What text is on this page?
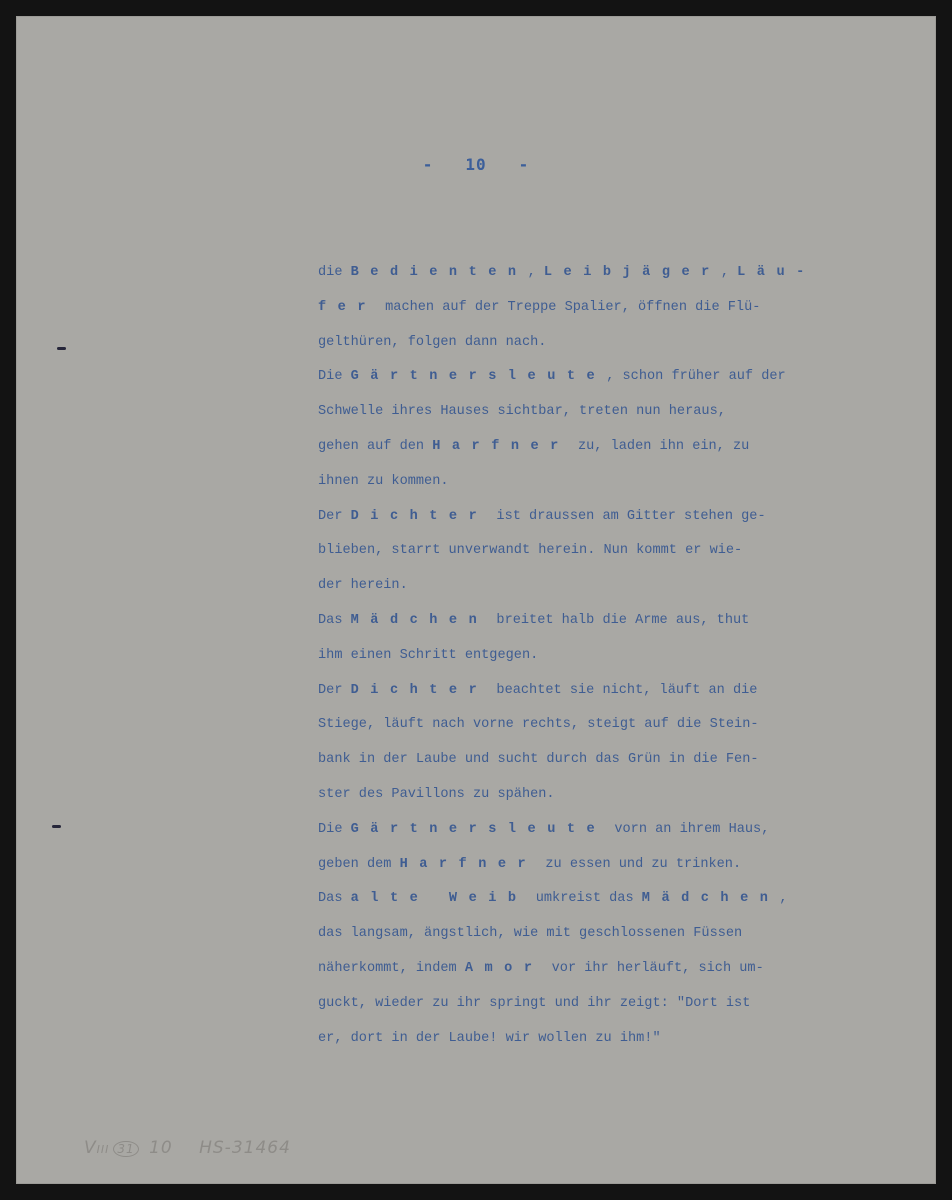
- 10 -
die Bedienten, Leibjäger, Läu-
fer machen auf der Treppe Spalier, öffnen die Flü-
gelthüren, folgen dann nach.
Die Gärtnersleute, schon früher auf der
Schwelle ihres Hauses sichtbar, treten nun heraus,
gehen auf den Harfner zu, laden ihn ein, zu
ihnen zu kommen.
Der Dichter ist draussen am Gitter stehen ge-
blieben, starrt unverwandt herein. Nun kommt er wie-
der herein.
Das Mädchen breitet halb die Arme aus, thut
ihm einen Schritt entgegen.
Der Dichter beachtet sie nicht, läuft an die
Stiege, läuft nach vorne rechts, steigt auf die Stein-
bank in der Laube und sucht durch das Grün in die Fen-
ster des Pavillons zu spähen.
Die Gärtnersleute vorn an ihrem Haus,
geben dem Harfner zu essen und zu trinken.
Das alte Weib umkreist das Mädchen,
das langsam, ängstlich, wie mit geschlossenen Füssen
näherkommt, indem Amor vor ihr herläuft, sich um-
guckt, wieder zu ihr springt und ihr zeigt: "Dort ist
er, dort in der Laube! wir wollen zu ihm!"
VIII 31 10 HS-31464
